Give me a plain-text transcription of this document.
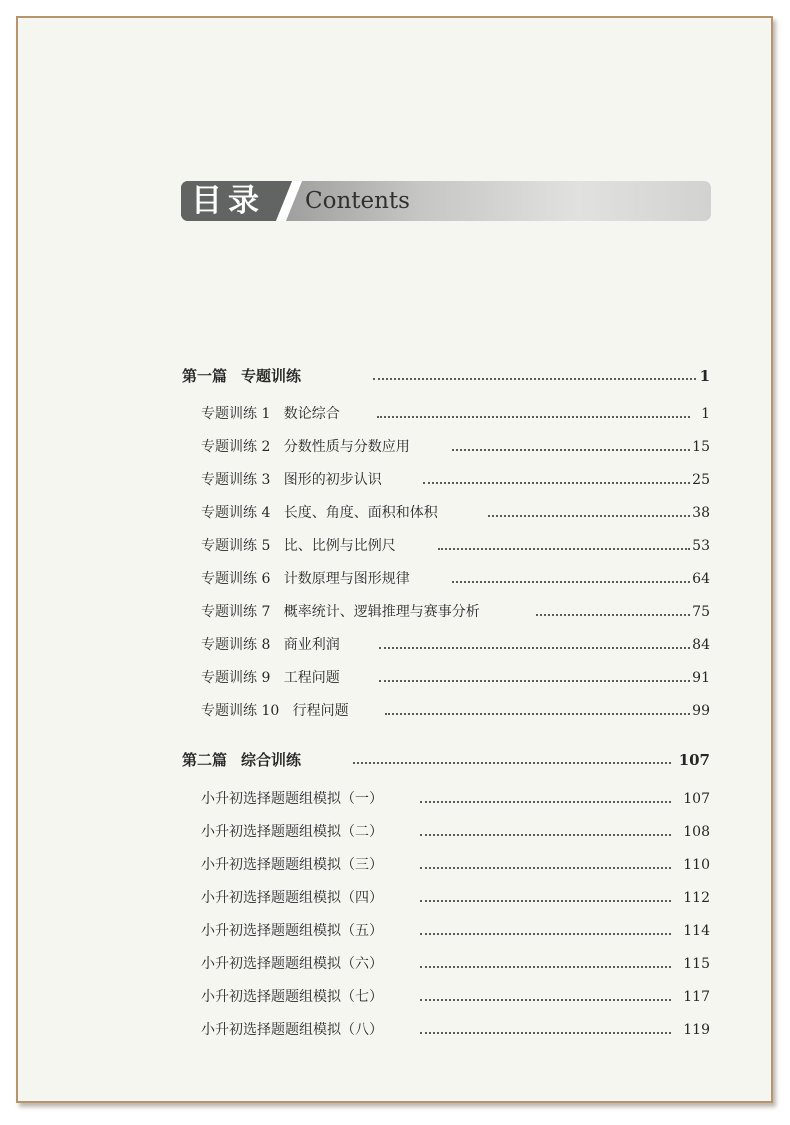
目录 Contents
第一篇 专题训练	1
专题训练 1   数论综合	1
专题训练 2   分数性质与分数应用	15
专题训练 3   图形的初步认识	25
专题训练 4   长度、角度、面积和体积	38
专题训练 5   比、比例与比例尺	53
专题训练 6   计数原理与图形规律	64
专题训练 7   概率统计、逻辑推理与赛事分析	75
专题训练 8   商业利润	84
专题训练 9   工程问题	91
专题训练 10   行程问题	99
第二篇 综合训练	107
小升初选择题题组模拟（一）	107
小升初选择题题组模拟（二）	108
小升初选择题题组模拟（三）	110
小升初选择题题组模拟（四）	112
小升初选择题题组模拟（五）	114
小升初选择题题组模拟（六）	115
小升初选择题题组模拟（七）	117
小升初选择题题组模拟（八）	119
